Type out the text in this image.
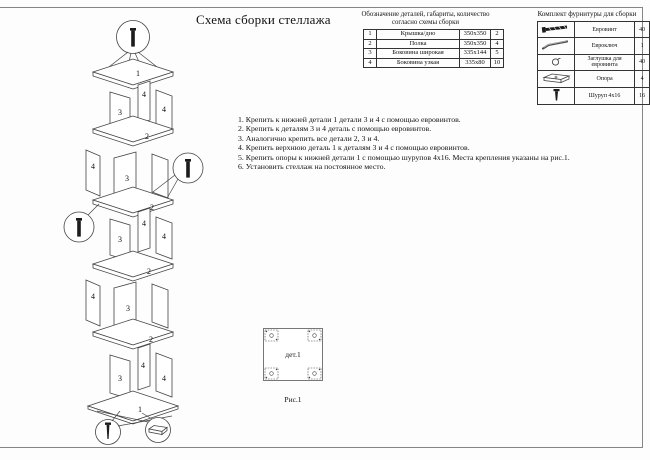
Схема сборки стеллажа	Обозначение деталей, габариты, количество
согласно схемы сборки
1	Крышка/дно	350х350	2
2	Полка	350х350	4
3	Боковина широкая	335х144	5
4	Боковина узкая	335х80	10
Комплект фурнитуры для сборки
	Евровинт	40
	Евроключ	1
	Заглушка для евровинта	40
	Опора	4
	Шуруп 4х16	16
1. Крепить к нижней детали 1 детали 3 и 4 с помощью евровинтов.
2. Крепить к деталям 3 и 4 деталь с помощью евровинтов.
3. Аналогично крепить все детали 2, 3 и 4.
4. Крепить верхнюю деталь 1 к деталям 3 и 4 с помощью евровинтов.
5. Крепить опоры к нижней детали 1 с помощью шурупов 4х16. Места крепления указаны на рис.1.
6. Установить стеллаж на постоянное место.
1
4
3	4
2
4
3
2
4
3	4
2
4
3
2
4
3	4
1
дет.1
Рис.1
